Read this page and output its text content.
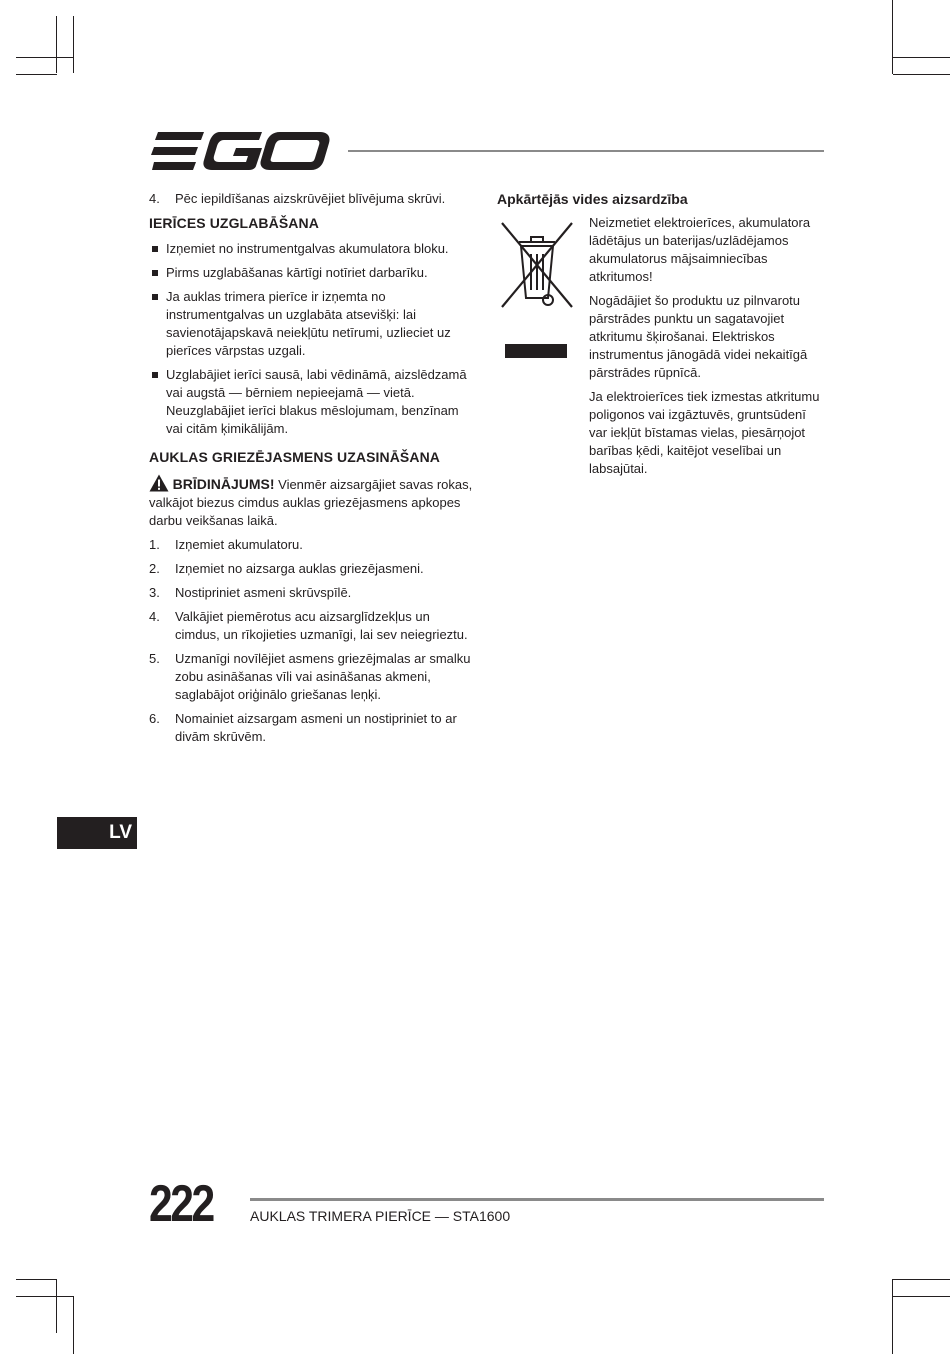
4.	Pēc iepildīšanas aizskrūvējiet blīvējuma skrūvi.
IERĪCES UZGLABĀŠANA
Izņemiet no instrumentgalvas akumulatora bloku.
Pirms uzglabāšanas kārtīgi notīriet darbarīku.
Ja auklas trimera pierīce ir izņemta no instrumentgalvas un uzglabāta atsevišķi: lai savienotājapskavā neiekļūtu netīrumi, uzlieciet uz pierīces vārpstas uzgali.
Uzglabājiet ierīci sausā, labi vēdināmā, aizslēdzamā vai augstā — bērniem nepieejamā — vietā. Neuzglabājiet ierīci blakus mēslojumam, benzīnam vai citām ķimikālijām.
AUKLAS GRIEZĒJASMENS UZASINĀŠANA
BRĪDINĀJUMS! Vienmēr aizsargājiet savas rokas, valkājot biezus cimdus auklas griezējasmens apkopes darbu veikšanas laikā.
1.	Izņemiet akumulatoru.
2.	Izņemiet no aizsarga auklas griezējasmeni.
3.	Nostipriniet asmeni skrūvspīlē.
4.	Valkājiet piemērotus acu aizsarglīdzekļus un cimdus, un rīkojieties uzmanīgi, lai sev neiegrieztu.
5.	Uzmanīgi novīlējiet asmens griezējmalas ar smalku zobu asināšanas vīli vai asināšanas akmeni, saglabājot oriģinālo griešanas leņķi.
6.	Nomainiet aizsargam asmeni un nostipriniet to ar divām skrūvēm.
Apkārtējās vides aizsardzība

Neizmetiet elektroierīces, akumulatora lādētājus un baterijas/uzlādējamos akumulatorus mājsaimniecības atkritumos!

Nogādājiet šo produktu uz pilnvarotu pārstrādes punktu un sagatavojiet atkritumu šķirošanai. Elektriskos instrumentus jānogādā videi nekaitīgā pārstrādes rūpnīcā.

Ja elektroierīces tiek izmestas atkritumu poligonos vai izgāztuvēs, gruntsūdenī var iekļūt bīstamas vielas, piesārņojot barības ķēdi, kaitējot veselībai un labsajūtai.

LV
222	AUKLAS TRIMERA PIERĪCE — STA1600
